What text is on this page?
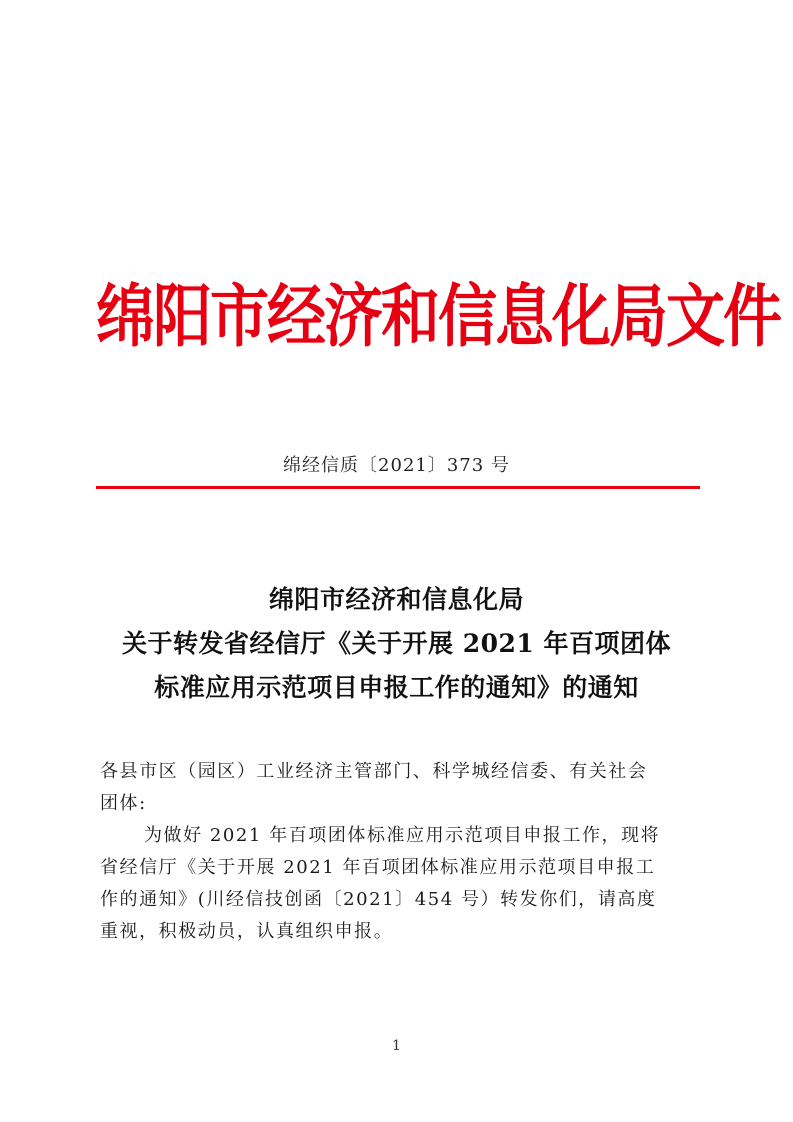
绵阳市经济和信息化局文件
绵经信质〔2021〕373 号
绵阳市经济和信息化局
关于转发省经信厅《关于开展 2021 年百项团体
标准应用示范项目申报工作的通知》的通知
各县市区（园区）工业经济主管部门、科学城经信委、有关社会
团体:
为做好 2021 年百项团体标准应用示范项目申报工作，现将
省经信厅《关于开展 2021 年百项团体标准应用示范项目申报工
作的通知》(川经信技创函〔2021〕454 号）转发你们，请高度
重视，积极动员，认真组织申报。
1
